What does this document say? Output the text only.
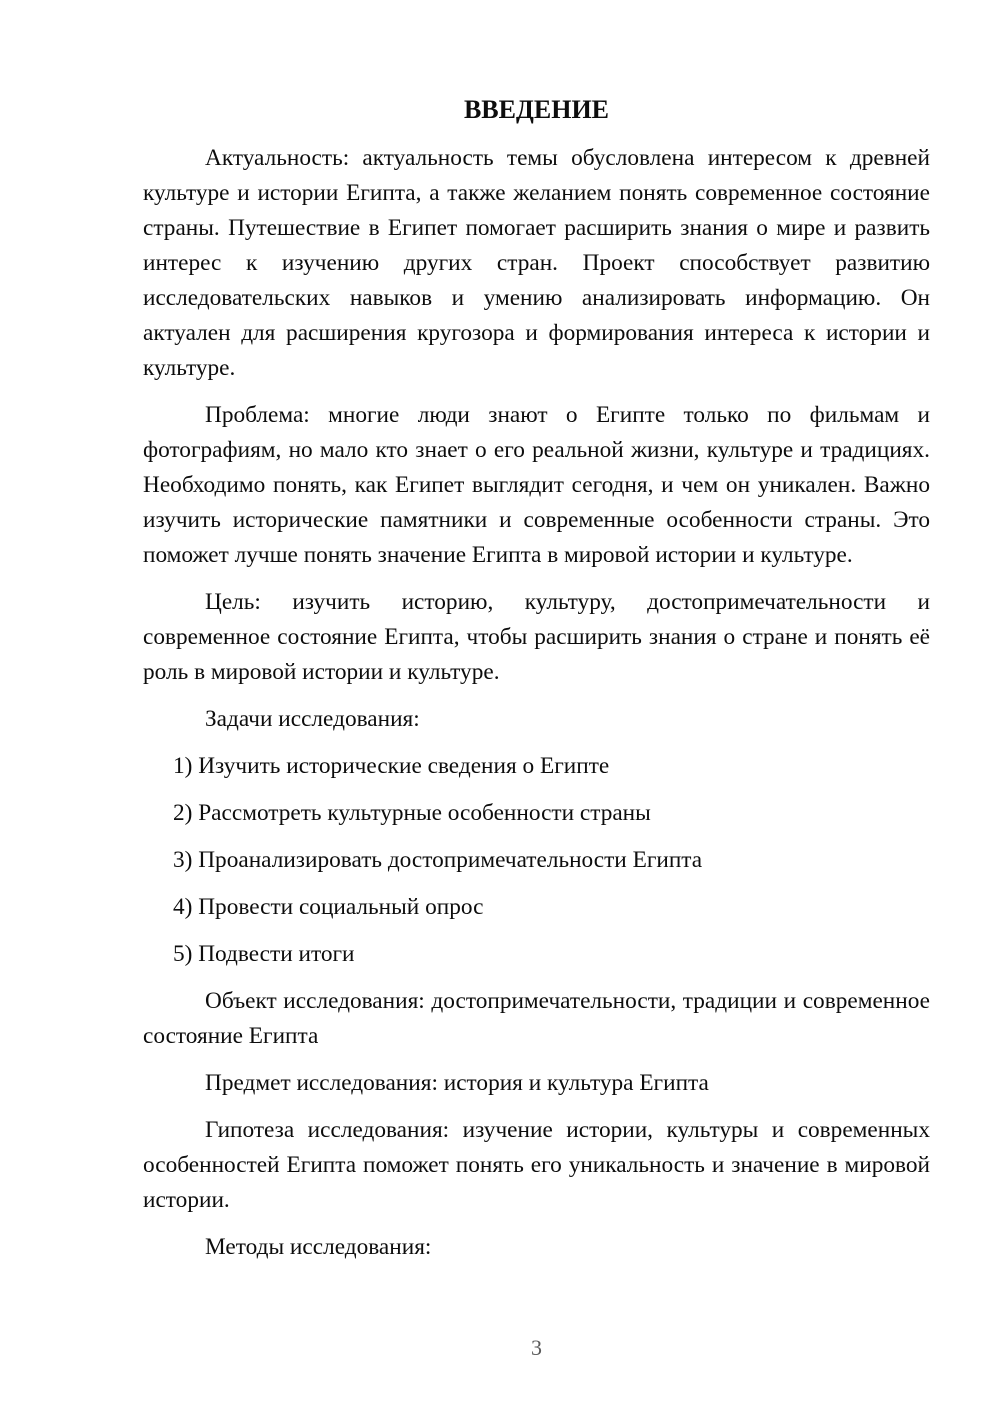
ВВЕДЕНИЕ

Актуальность: актуальность темы обусловлена интересом к древней культуре и истории Египта, а также желанием понять современное состояние страны. Путешествие в Египет помогает расширить знания о мире и развить интерес к изучению других стран. Проект способствует развитию исследовательских навыков и умению анализировать информацию. Он актуален для расширения кругозора и формирования интереса к истории и культуре.

Проблема: многие люди знают о Египте только по фильмам и фотографиям, но мало кто знает о его реальной жизни, культуре и традициях. Необходимо понять, как Египет выглядит сегодня, и чем он уникален. Важно изучить исторические памятники и современные особенности страны. Это поможет лучше понять значение Египта в мировой истории и культуре.

Цель: изучить историю, культуру, достопримечательности и современное состояние Египта, чтобы расширить знания о стране и понять её роль в мировой истории и культуре.

Задачи исследования:

1) Изучить исторические сведения о Египте

2) Рассмотреть культурные особенности страны

3) Проанализировать достопримечательности Египта

4) Провести социальный опрос

5) Подвести итоги

Объект исследования: достопримечательности, традиции и современное состояние Египта

Предмет исследования: история и культура Египта

Гипотеза исследования: изучение истории, культуры и современных особенностей Египта поможет понять его уникальность и значение в мировой истории.

Методы исследования:

3
